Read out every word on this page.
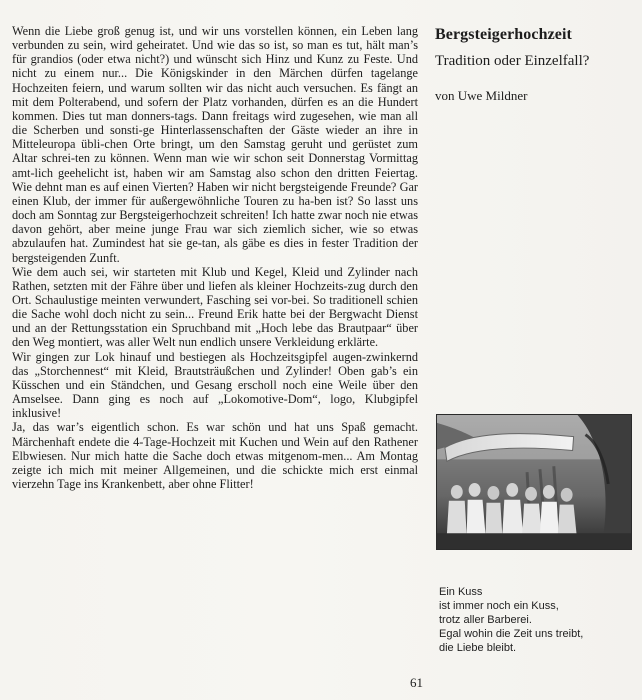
Wenn die Liebe groß genug ist, und wir uns vorstellen können, ein Leben lang verbunden zu sein, wird geheiratet. Und wie das so ist, so man es tut, hält man’s für grandios (oder etwa nicht?) und wünscht sich Hinz und Kunz zu Feste. Und nicht zu einem nur... Die Königskinder in den Märchen dürfen tagelange Hochzeiten feiern, und warum sollten wir das nicht auch versuchen. Es fängt an mit dem Polterabend, und sofern der Platz vorhanden, dürfen es an die Hundert kommen. Dies tut man donners-tags. Dann freitags wird zugesehen, wie man all die Scherben und sonsti-ge Hinterlassenschaften der Gäste wieder an ihre in Mitteleuropa übli-chen Orte bringt, um den Samstag geruht und gerüstet zum Altar schrei-ten zu können. Wenn man wie wir schon seit Donnerstag Vormittag amt-lich geehelicht ist, haben wir am Samstag also schon den dritten Feiertag. Wie dehnt man es auf einen Vierten? Haben wir nicht bergsteigende Freunde? Gar einen Klub, der immer für außergewöhnliche Touren zu ha-ben ist? So lasst uns doch am Sonntag zur Bergsteigerhochzeit schreiten! Ich hatte zwar noch nie etwas davon gehört, aber meine junge Frau war sich ziemlich sicher, wie so etwas abzulaufen hat. Zumindest hat sie ge-tan, als gäbe es dies in fester Tradition der bergsteigenden Zunft.

Wie dem auch sei, wir starteten mit Klub und Kegel, Kleid und Zylinder nach Rathen, setzten mit der Fähre über und liefen als kleiner Hochzeits-zug durch den Ort. Schaulustige meinten verwundert, Fasching sei vor-bei. So traditionell schien die Sache wohl doch nicht zu sein... Freund Erik hatte bei der Bergwacht Dienst und an der Rettungsstation ein Spruchband mit „Hoch lebe das Brautpaar“ über den Weg montiert, was aller Welt nun endlich unsere Verkleidung erklärte.

Wir gingen zur Lok hinauf und bestiegen als Hochzeitsgipfel augen-zwinkernd das „Storchennest“ mit Kleid, Brautsträußchen und Zylinder! Oben gab’s ein Küsschen und ein Ständchen, und Gesang erscholl noch eine Weile über den Amselsee. Dann ging es noch auf „Lokomotive-Dom“, logo, Klubgipfel inklusive!

Ja, das war’s eigentlich schon. Es war schön und hat uns Spaß gemacht. Märchenhaft endete die 4-Tage-Hochzeit mit Kuchen und Wein auf den Rathener Elbwiesen. Nur mich hatte die Sache doch etwas mitgenom-men... Am Montag zeigte ich mich mit meiner Allgemeinen, und die schickte mich erst einmal vierzehn Tage ins Krankenbett, aber ohne Flitter!

Bergsteigerhochzeit
Tradition oder Einzelfall?

von Uwe Mildner

Ein Kuss
ist immer noch ein Kuss,
trotz aller Barberei.
Egal wohin die Zeit uns treibt,
die Liebe bleibt.
61
